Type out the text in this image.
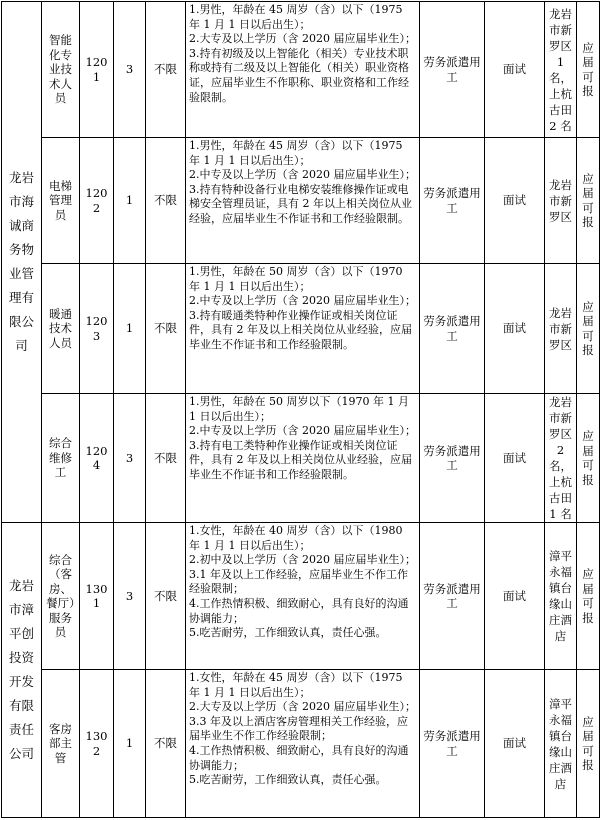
龙岩市海诚商务物业管理有限公司	智能化专业技术人员	1201	3	不限	1.男性，年龄在 45 周岁（含）以下（1975 年 1 月 1 日以后出生）；
2.大专及以上学历（含 2020 届应届毕业生）；
3.持有初级及以上智能化（相关）专业技术职称或持有二级及以上智能化（相关）职业资格证，应届毕业生不作职称、职业资格和工作经验限制。	劳务派遣用工	面试	龙岩市新罗区 1 名，上杭古田 2 名	应届可报
	电梯管理员	1202	1	不限	1.男性，年龄在 45 周岁（含）以下（1975 年 1 月 1 日以后出生）；
2.中专及以上学历（含 2020 届应届毕业生）；
3.持有特种设备行业电梯安装维修操作证或电梯安全管理员证，具有 2 年以上相关岗位从业经验，应届毕业生不作证书和工作经验限制。	劳务派遣用工	面试	龙岩市新罗区	应届可报
	暖通技术人员	1203	1	不限	1.男性，年龄在 50 周岁（含）以下（1970 年 1 月 1 日以后出生）；
2.中专及以上学历（含 2020 届应届毕业生）；
3.持有暖通类特种作业操作证或相关岗位证件，具有 2 年及以上相关岗位从业经验，应届毕业生不作证书和工作经验限制。	劳务派遣用工	面试	龙岩市新罗区	应届可报
	综合维修工	1204	3	不限	1.男性，年龄在 50 周岁以下（1970 年 1 月 1 日以后出生）；
2.中专及以上学历（含 2020 届应届毕业生）；
3.持有电工类特种作业操作证或相关岗位证件，具有 2 年及以上相关岗位从业经验，应届毕业生不作证书和工作经验限制。	劳务派遣用工	面试	龙岩市新罗区 2 名，上杭古田 1 名	应届可报
龙岩市漳平创投资开发有限责任公司	综合（客房、餐厅）服务员	1301	3	不限	1.女性，年龄在 40 周岁（含）以下（1980 年 1 月 1 日以后出生）；
2.初中及以上学历（含 2020 届应届毕业生）；
3.1 年及以上工作经验，应届毕业生不作工作经验限制；
4.工作热情积极、细致耐心，具有良好的沟通协调能力；
5.吃苦耐劳，工作细致认真，责任心强。	劳务派遣用工	面试	漳平永福镇台缘山庄酒店	应届可报
	客房部主管	1302	1	不限	1.女性，年龄在 45 周岁（含）以下（1975 年 1 月 1 日以后出生）；
2.大专及以上学历（含 2020 届应届毕业生）；
3.3 年及以上酒店客房管理相关工作经验，应届毕业生不作工作经验限制；
4.工作热情积极、细致耐心，具有良好的沟通协调能力；
5.吃苦耐劳，工作细致认真，责任心强。	劳务派遣用工	面试	漳平永福镇台缘山庄酒店	应届可报
